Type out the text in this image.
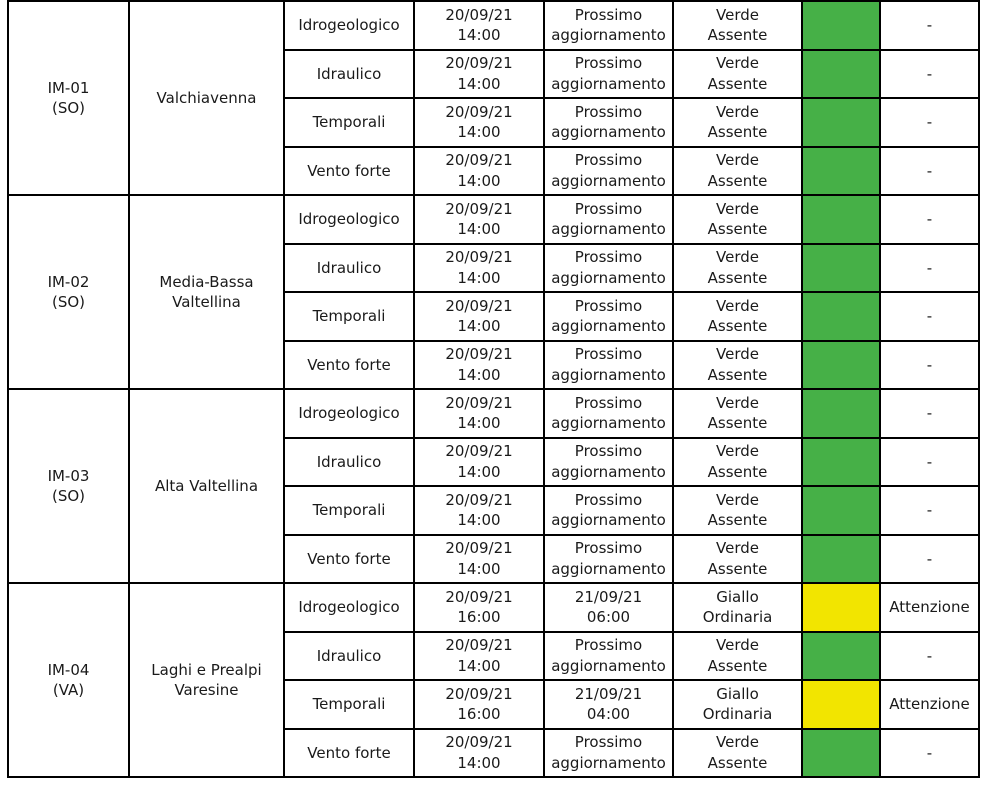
IM-01
(SO)	Valchiavenna	Idrogeologico	20/09/21
14:00	Prossimo
aggiornamento	Verde
Assente		-
		Idraulico	20/09/21
14:00	Prossimo
aggiornamento	Verde
Assente		-
		Temporali	20/09/21
14:00	Prossimo
aggiornamento	Verde
Assente		-
		Vento forte	20/09/21
14:00	Prossimo
aggiornamento	Verde
Assente		-

IM-02
(SO)	Media-Bassa
Valtellina	Idrogeologico	20/09/21
14:00	Prossimo
aggiornamento	Verde
Assente		-
		Idraulico	20/09/21
14:00	Prossimo
aggiornamento	Verde
Assente		-
		Temporali	20/09/21
14:00	Prossimo
aggiornamento	Verde
Assente		-
		Vento forte	20/09/21
14:00	Prossimo
aggiornamento	Verde
Assente		-

IM-03
(SO)	Alta Valtellina	Idrogeologico	20/09/21
14:00	Prossimo
aggiornamento	Verde
Assente		-
		Idraulico	20/09/21
14:00	Prossimo
aggiornamento	Verde
Assente		-
		Temporali	20/09/21
14:00	Prossimo
aggiornamento	Verde
Assente		-
		Vento forte	20/09/21
14:00	Prossimo
aggiornamento	Verde
Assente		-

IM-04
(VA)	Laghi e Prealpi
Varesine	Idrogeologico	20/09/21
16:00	21/09/21
06:00	Giallo
Ordinaria		Attenzione
		Idraulico	20/09/21
14:00	Prossimo
aggiornamento	Verde
Assente		-
		Temporali	20/09/21
16:00	21/09/21
04:00	Giallo
Ordinaria		Attenzione
		Vento forte	20/09/21
14:00	Prossimo
aggiornamento	Verde
Assente		-
